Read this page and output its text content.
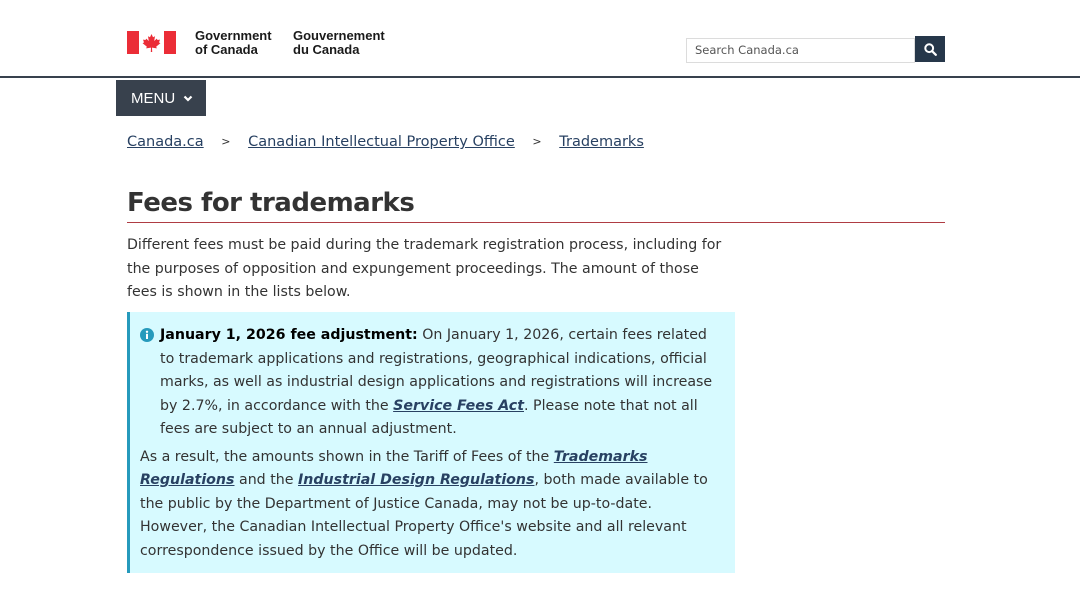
Government
of Canada
Gouvernement
du Canada	Search Canada.ca
MENU
Canada.ca > Canadian Intellectual Property Office > Trademarks
Fees for trademarks

Different fees must be paid during the trademark registration process, including for the purposes of opposition and expungement proceedings. The amount of those fees is shown in the lists below.

January 1, 2026 fee adjustment: On January 1, 2026, certain fees related to trademark applications and registrations, geographical indications, official marks, as well as industrial design applications and registrations will increase by 2.7%, in accordance with the Service Fees Act. Please note that not all fees are subject to an annual adjustment.

As a result, the amounts shown in the Tariff of Fees of the Trademarks Regulations and the Industrial Design Regulations, both made available to the public by the Department of Justice Canada, may not be up-to-date. However, the Canadian Intellectual Property Office's website and all relevant correspondence issued by the Office will be updated.
